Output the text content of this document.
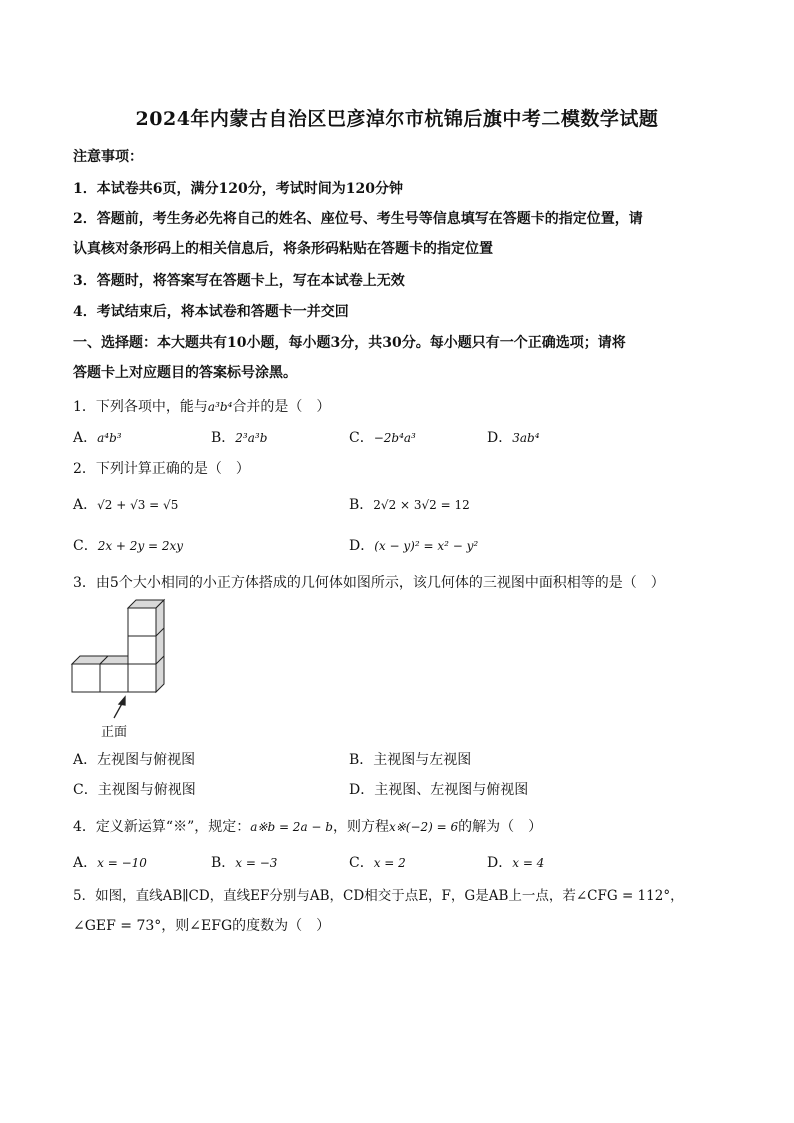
2024年内蒙古自治区巴彦淖尔市杭锦后旗中考二模数学试题
注意事项：
1．本试卷共6页，满分120分，考试时间为120分钟
2．答题前，考生务必先将自己的姓名、座位号、考生号等信息填写在答题卡的指定位置，请
认真核对条形码上的相关信息后，将条形码粘贴在答题卡的指定位置
3．答题时，将答案写在答题卡上，写在本试卷上无效
4．考试结束后，将本试卷和答题卡一并交回
一、选择题：本大题共有10小题，每小题3分，共30分。每小题只有一个正确选项；请将
答题卡上对应题目的答案标号涂黑。
1．下列各项中，能与a³b⁴合并的是（　）
A．a⁴b³	B．2³a³b	C．−2b⁴a³	D．3ab⁴
2．下列计算正确的是（　）
A．√2 + √3 = √5	B．2√2 × 3√2 = 12
C．2x + 2y = 2xy	D．(x − y)² = x² − y²
3．由5个大小相同的小正方体搭成的几何体如图所示，该几何体的三视图中面积相等的是（　）
正面
A．左视图与俯视图	B．主视图与左视图
C．主视图与俯视图	D．主视图、左视图与俯视图
4．定义新运算“※”，规定：a※b = 2a − b，则方程x※(−2) = 6的解为（　）
A．x = −10	B．x = −3	C．x = 2	D．x = 4
5．如图，直线AB∥CD，直线EF分别与AB，CD相交于点E，F，G是AB上一点，若∠CFG = 112°，
∠GEF = 73°，则∠EFG的度数为（　）
